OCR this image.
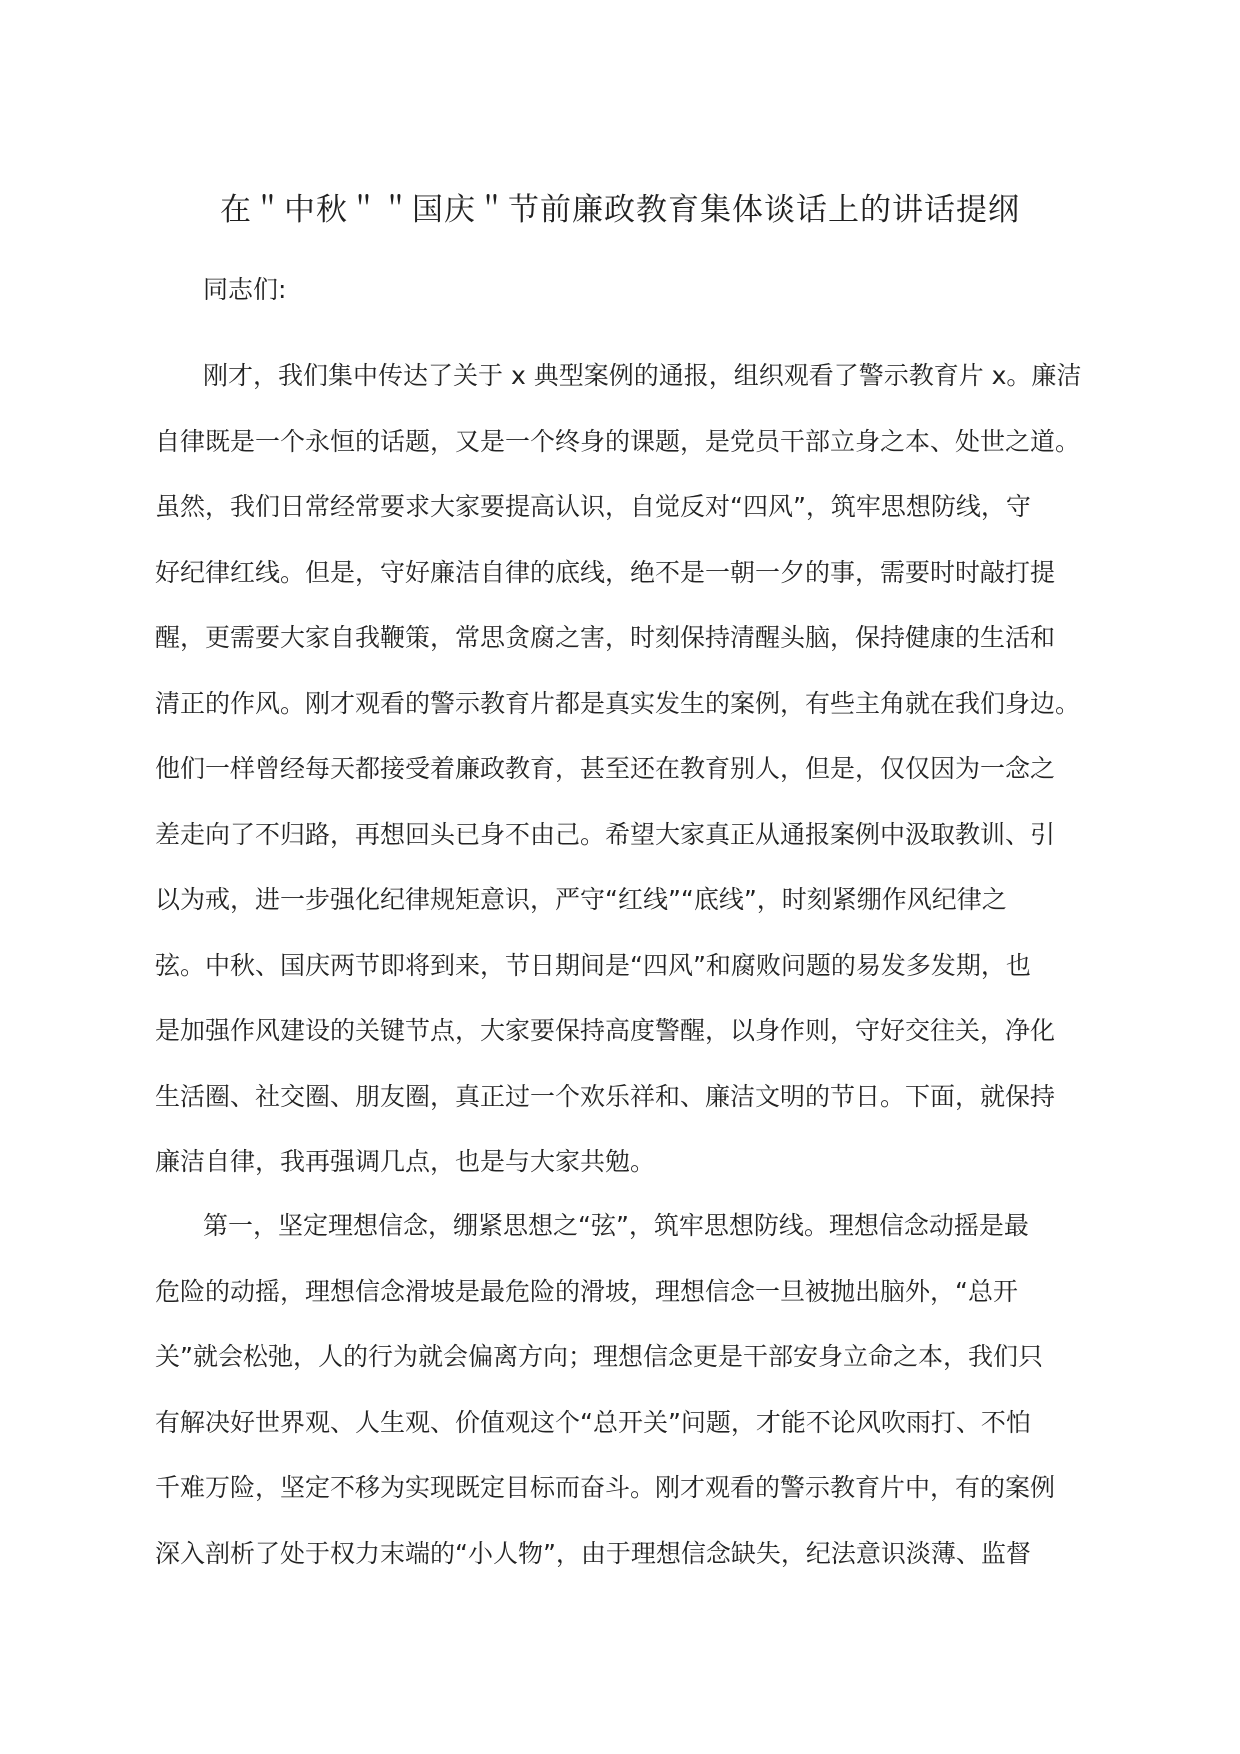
在＂中秋＂＂国庆＂节前廉政教育集体谈话上的讲话提纲
同志们:
刚才，我们集中传达了关于 x 典型案例的通报，组织观看了警示教育片 x。廉洁
自律既是一个永恒的话题，又是一个终身的课题，是党员干部立身之本、处世之道。
虽然，我们日常经常要求大家要提高认识，自觉反对“四风”，筑牢思想防线，守
好纪律红线。但是，守好廉洁自律的底线，绝不是一朝一夕的事，需要时时敲打提
醒，更需要大家自我鞭策，常思贪腐之害，时刻保持清醒头脑，保持健康的生活和
清正的作风。刚才观看的警示教育片都是真实发生的案例，有些主角就在我们身边。
他们一样曾经每天都接受着廉政教育，甚至还在教育别人，但是，仅仅因为一念之
差走向了不归路，再想回头已身不由己。希望大家真正从通报案例中汲取教训、引
以为戒，进一步强化纪律规矩意识，严守“红线”“底线”，时刻紧绷作风纪律之
弦。中秋、国庆两节即将到来，节日期间是“四风”和腐败问题的易发多发期，也
是加强作风建设的关键节点，大家要保持高度警醒，以身作则，守好交往关，净化
生活圈、社交圈、朋友圈，真正过一个欢乐祥和、廉洁文明的节日。下面，就保持
廉洁自律，我再强调几点，也是与大家共勉。
第一，坚定理想信念，绷紧思想之“弦”，筑牢思想防线。理想信念动摇是最
危险的动摇，理想信念滑坡是最危险的滑坡，理想信念一旦被抛出脑外，“总开
关”就会松弛，人的行为就会偏离方向；理想信念更是干部安身立命之本，我们只
有解决好世界观、人生观、价值观这个“总开关”问题，才能不论风吹雨打、不怕
千难万险，坚定不移为实现既定目标而奋斗。刚才观看的警示教育片中，有的案例
深入剖析了处于权力末端的“小人物”，由于理想信念缺失，纪法意识淡薄、监督
